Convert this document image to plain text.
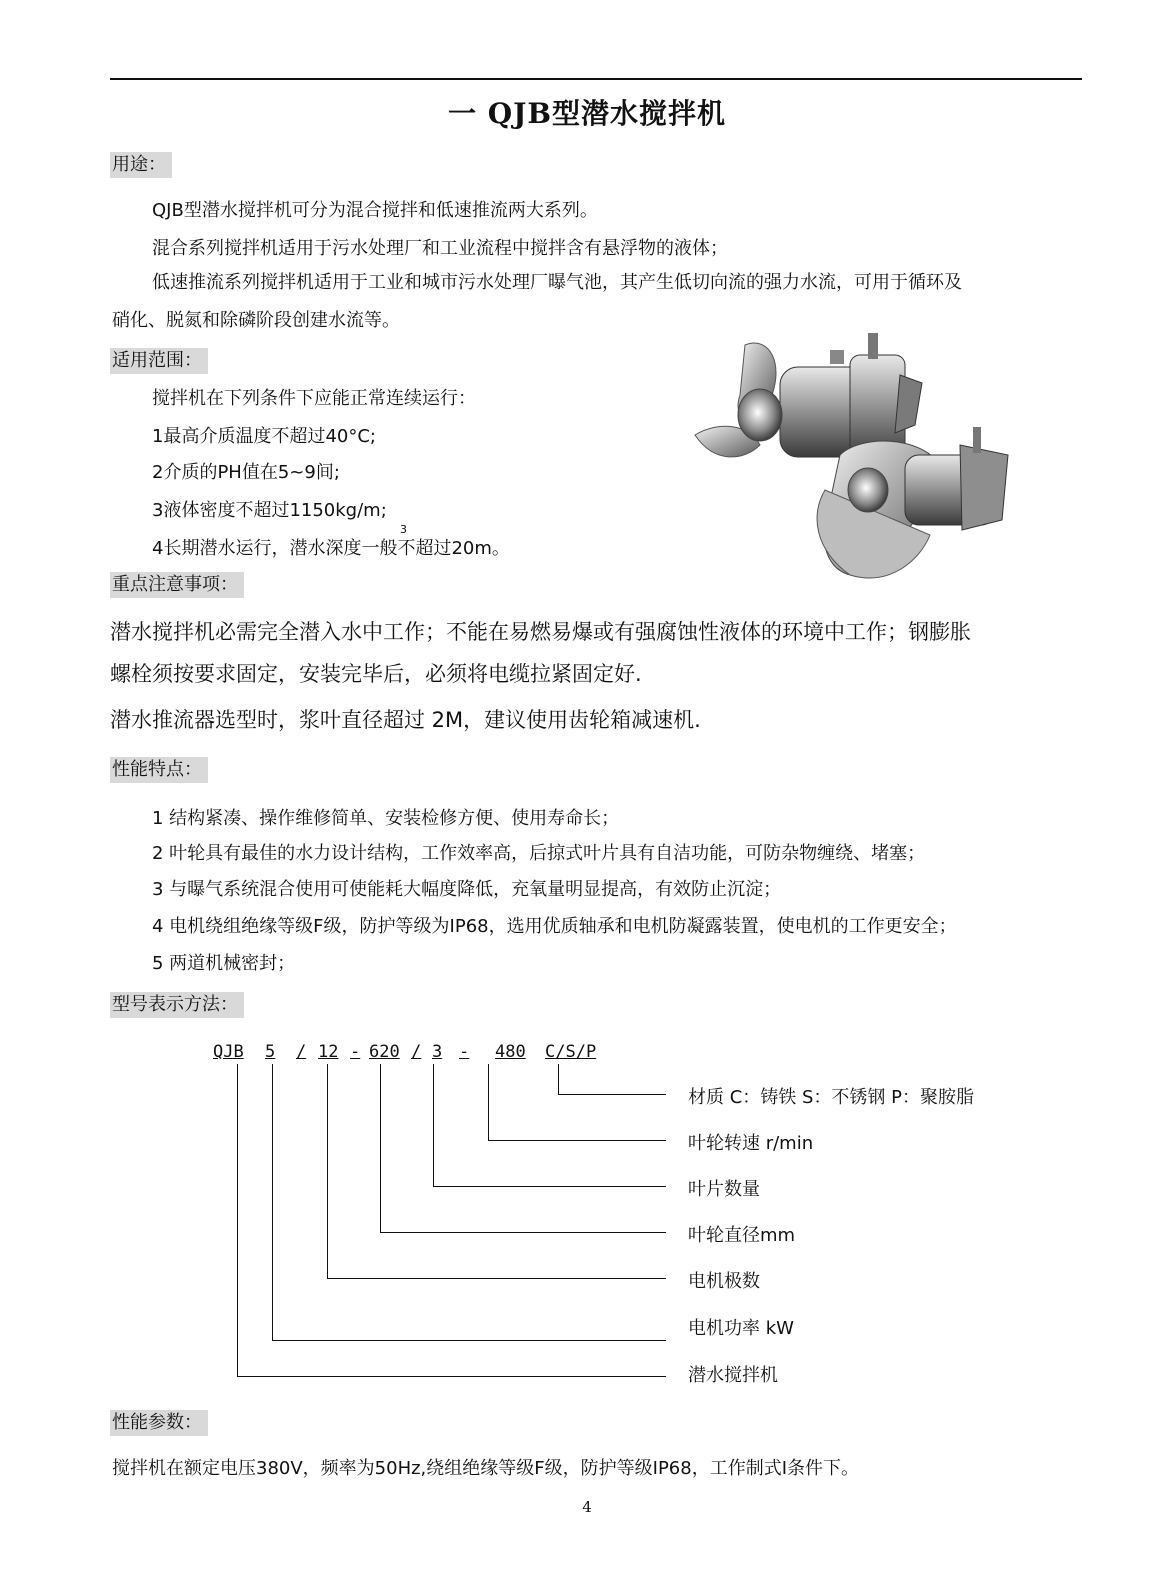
一 QJB型潜水搅拌机
用途：
QJB型潜水搅拌机可分为混合搅拌和低速推流两大系列。
混合系列搅拌机适用于污水处理厂和工业流程中搅拌含有悬浮物的液体；
低速推流系列搅拌机适用于工业和城市污水处理厂曝气池，其产生低切向流的强力水流，可用于循环及
硝化、脱氮和除磷阶段创建水流等。
适用范围：
搅拌机在下列条件下应能正常连续运行：
1最高介质温度不超过40°C;
2介质的PH值在5~9间;
3液体密度不超过1150kg/m;
3
4长期潜水运行，潜水深度一般不超过20m。
重点注意事项：
潜水搅拌机必需完全潜入水中工作；不能在易燃易爆或有强腐蚀性液体的环境中工作；钢膨胀
螺栓须按要求固定，安装完毕后，必须将电缆拉紧固定好.
潜水推流器选型时，浆叶直径超过 2M，建议使用齿轮箱减速机.
性能特点：
1 结构紧凑、操作维修简单、安装检修方便、使用寿命长；
2 叶轮具有最佳的水力设计结构，工作效率高，后掠式叶片具有自洁功能，可防杂物缠绕、堵塞；
3 与曝气系统混合使用可使能耗大幅度降低，充氧量明显提高，有效防止沉淀；
4 电机绕组绝缘等级F级，防护等级为IP68，选用优质轴承和电机防凝露装置，使电机的工作更安全；
5 两道机械密封；
型号表示方法：
QJB 5 / 12 - 620 / 3 - 480 C/S/P
材质 C：铸铁 S：不锈钢 P：聚胺脂
叶轮转速 r/min
叶片数量
叶轮直径mm
电机极数
电机功率 kW
潜水搅拌机
性能参数：
搅拌机在额定电压380V，频率为50Hz,绕组绝缘等级F级，防护等级IP68，工作制式Ⅰ条件下。
4
